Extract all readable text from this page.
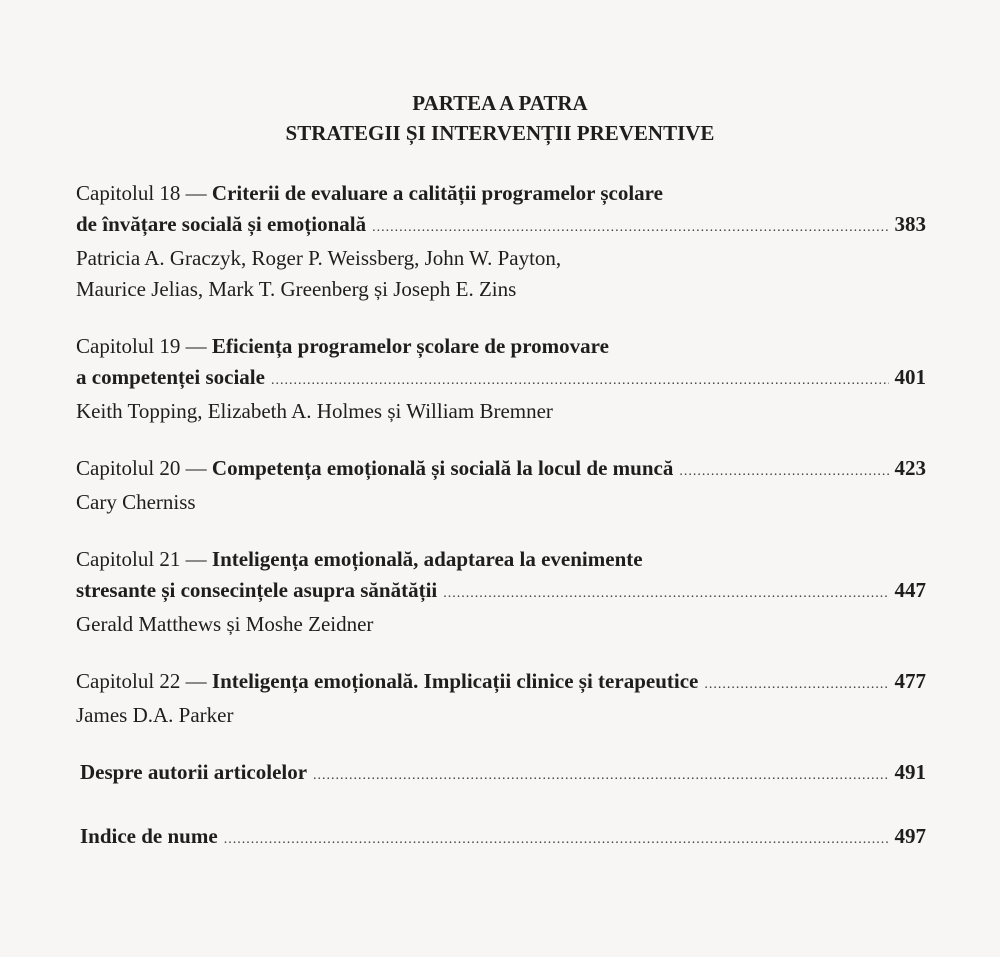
PARTEA A PATRA
STRATEGII ȘI INTERVENȚII PREVENTIVE
Capitolul 18 —
Criterii de evaluare a calității programelor școlare
de învățare socială și emoțională .....	383
Patricia A. Graczyk, Roger P. Weissberg, John W. Payton,
Maurice Jelias, Mark T. Greenberg și Joseph E. Zins
Capitolul 19 —
Eficiența programelor școlare de promovare
a competenței sociale .....	401
Keith Topping, Elizabeth A. Holmes și William Bremner
Capitolul 20 —
Competența emoțională și socială la locul de muncă .....	423
Cary Cherniss
Capitolul 21 —
Inteligența emoțională, adaptarea la evenimente
stresante și consecințele asupra sănătății .....	447
Gerald Matthews și Moshe Zeidner
Capitolul 22 —
Inteligența emoțională. Implicații clinice și terapeutice .....	477
James D.A. Parker
Despre autorii articolelor .....	491
Indice de nume .....	497
